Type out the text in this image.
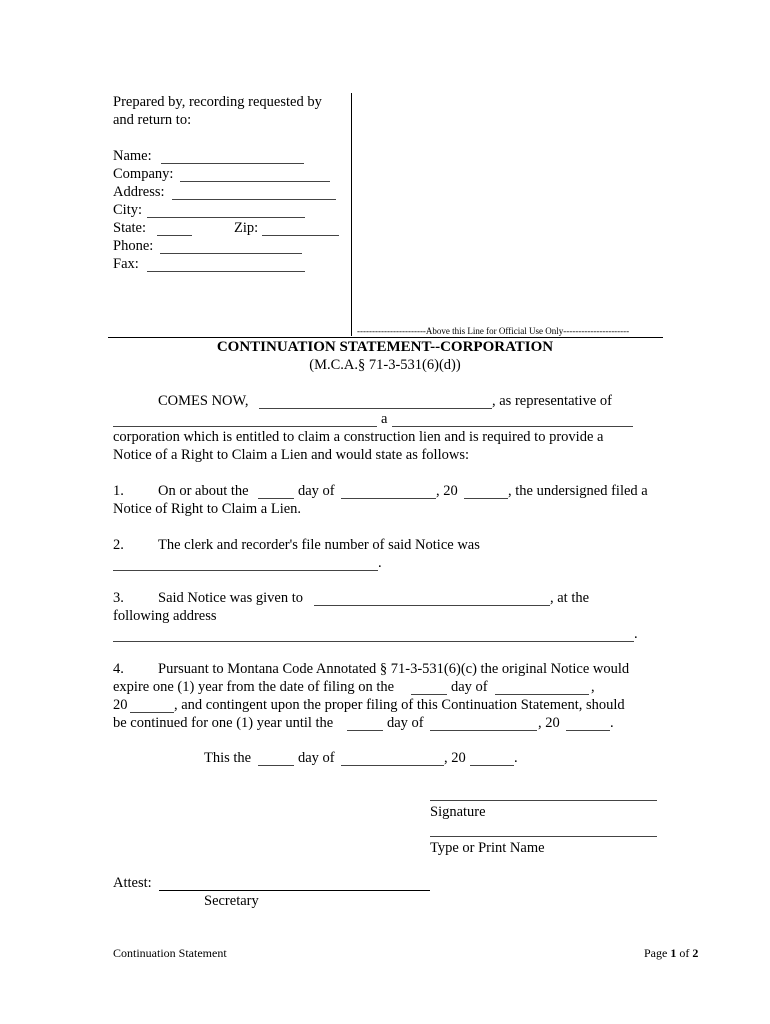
Prepared by, recording requested by
and return to:
Name:
Company:
Address:
City:
State:	Zip:
Phone:
Fax:
-----------------------Above this Line for Official Use Only----------------------
CONTINUATION STATEMENT--CORPORATION
(M.C.A.§ 71-3-531(6)(d))
COMES NOW,	, as representative of
a
corporation which is entitled to claim a construction lien and is required to provide a
Notice of a Right to Claim a Lien and would state as follows:
1. On or about the	day of	, 20	, the undersigned filed a
Notice of Right to Claim a Lien.
2. The clerk and recorder's file number of said Notice was
.
3. Said Notice was given to	, at the
following address
.
4. Pursuant to Montana Code Annotated § 71-3-531(6)(c) the original Notice would
expire one (1) year from the date of filing on the	day of	,
20	, and contingent upon the proper filing of this Continuation Statement, should
be continued for one (1) year until the	day of	, 20	.
This the	day of	, 20	.
Signature
Type or Print Name
Attest:
Secretary
Continuation Statement	Page 1 of 2
